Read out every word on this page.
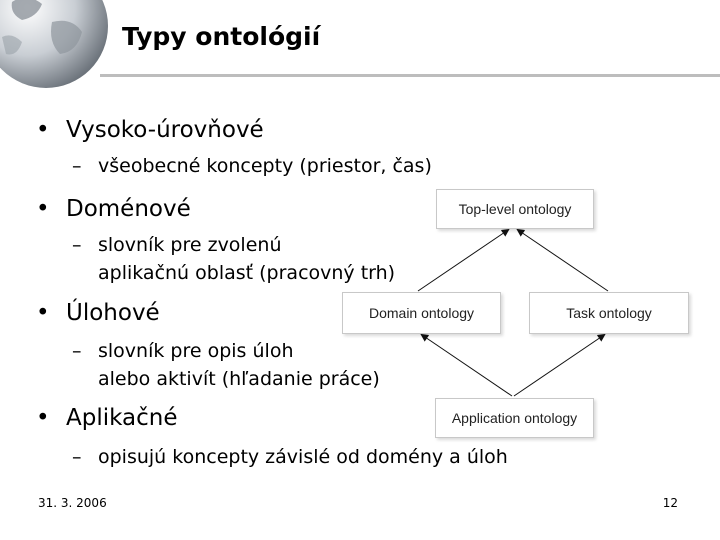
Typy ontológií
• Vysoko-úrovňové
– všeobecné koncepty (priestor, čas)
• Doménové
– slovník pre zvolenú
aplikačnú oblasť (pracovný trh)
• Úlohové
– slovník pre opis úloh
alebo aktivít (hľadanie práce)
• Aplikačné
– opisujú koncepty závislé od domény a úloh
Top-level ontology
Domain ontology	Task ontology
Application ontology
31. 3. 2006	12
